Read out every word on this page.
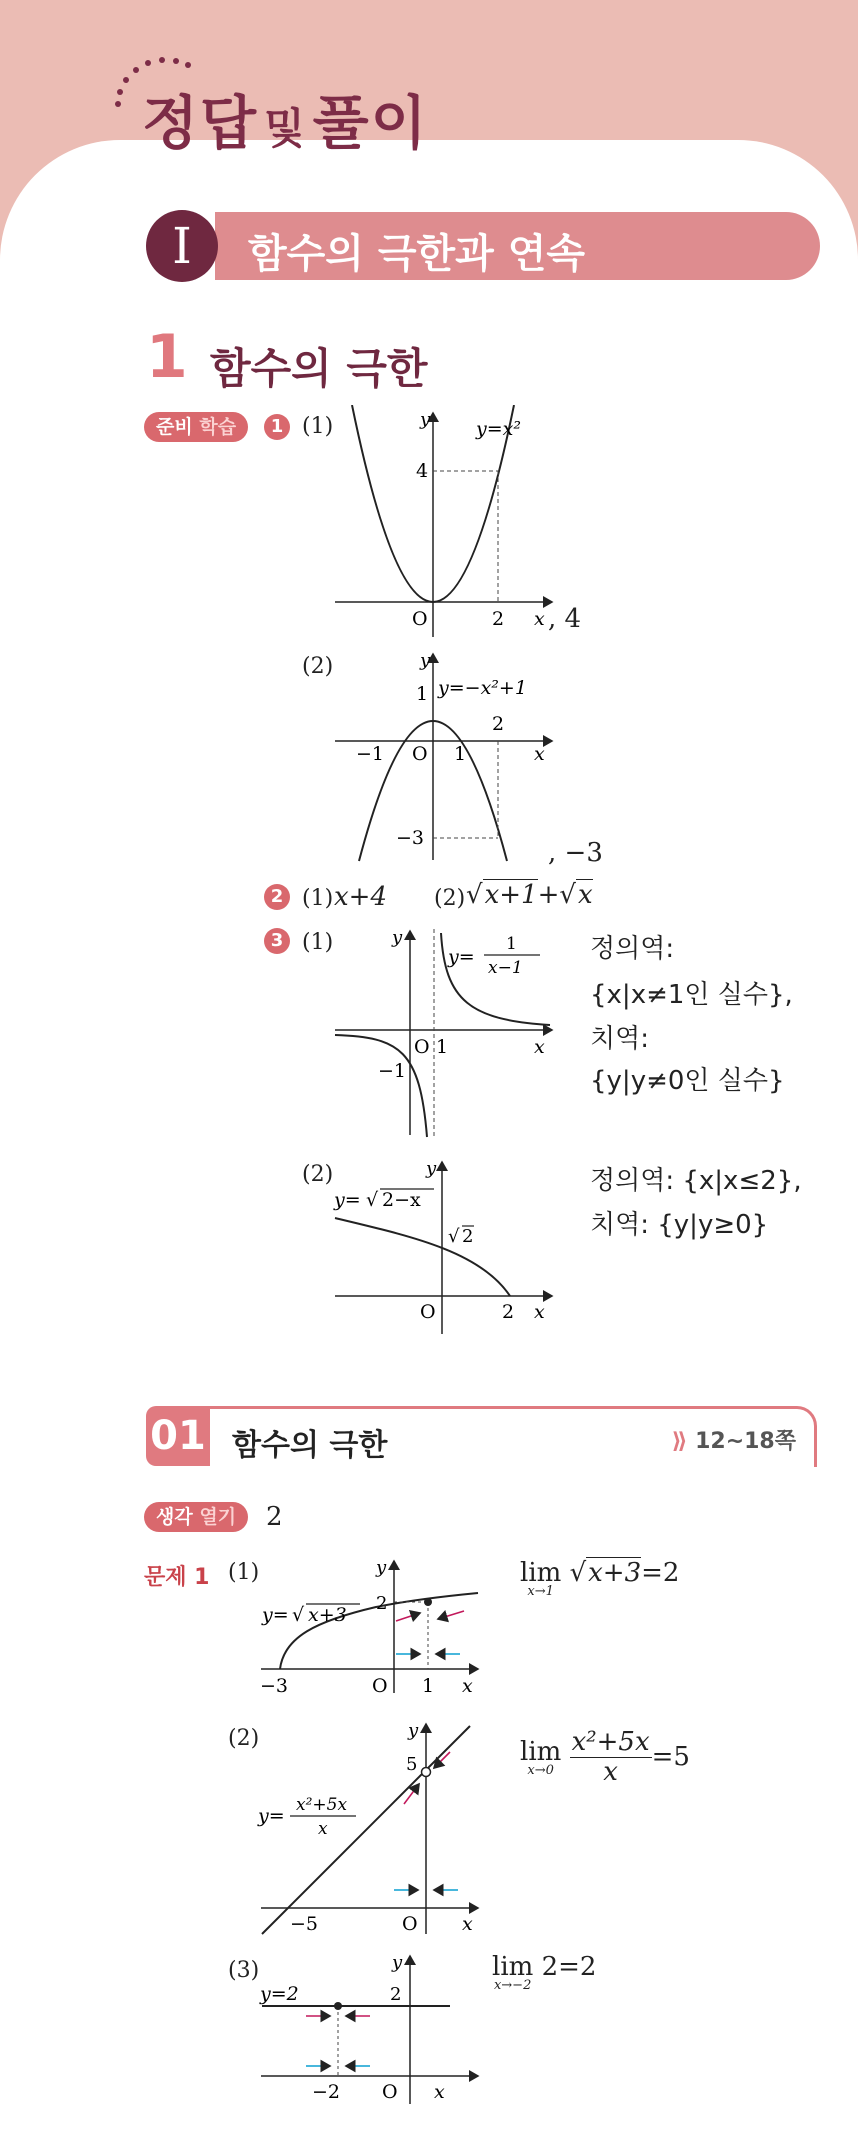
정답 및 풀이
I	함수의 극한과 연속
1 함수의 극한
준비 학습	1 (1)	y y=x²
4
O	2 x , 4
(2)	y
y=−x²+1
1
2
−1 O 1	x
−3	, −3
2 (1) x+4 (2) √x+1+√x
3 (1)	y
y=
1
x−1
O 1
−1
x
정의역:
{x|x≠1인 실수},
치역:
{y|y≠0인 실수}
(2)	y
y= √ 2−x
√ 2
O	2 x
정의역: {x|x≤2},
치역: {y|y≥0}
01 함수의 극한	⟫ 12~18쪽
생각 열기	2
문제 1 (1)	y
y= √ x+3
2
−3	O 1 x
lim
x→1
√x+3=2
(2)	y
5
y= x²+5x
x
−5	O x
lim
x→0
$\frac{\text{x²+5x}}{x} =5$
(3)	y
y=2	2
−2 O x
lim
x→−2
2=2
